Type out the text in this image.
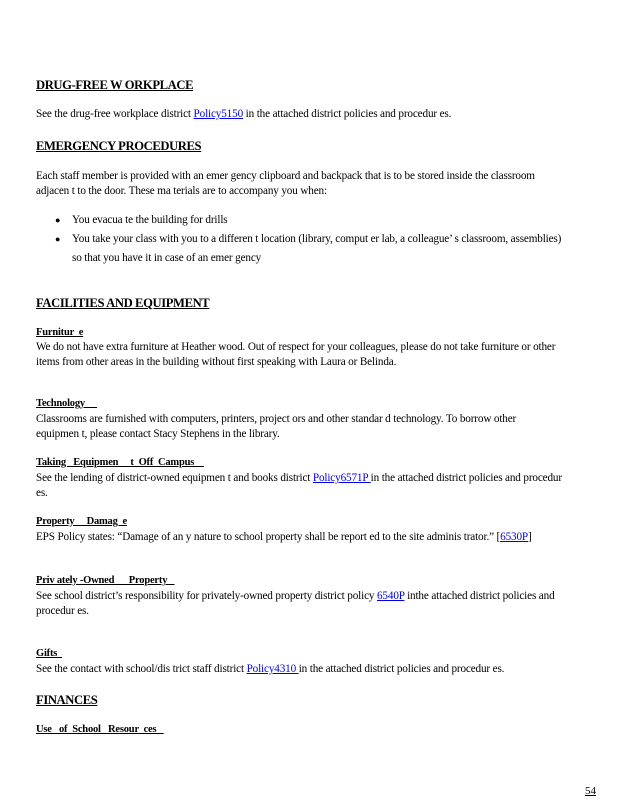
DRUG-FREE W ORKPLACE

See the drug-free workplace district Policy5150 in the attached district policies and procedur es.

EMERGENCY PROCEDURES

Each staff member is provided with an emer gency clipboard and backpack that is to be stored inside the classroom adjacen t to the door. These ma terials are to accompany you when:

● You evacua te the building for drills
● You take your class with you to a differen t location (library, comput er lab, a colleague’ s classroom, assemblies) so that you have it in case of an emer gency
FACILITIES AND EQUIPMENT
Furnitur  e

We do not have extra furniture at Heather wood. Out of respect for your colleagues, please do not take furniture or other items from other areas in the building without first speaking with Laura or Belinda.

Technology

Classrooms are furnished with computers, printers, project ors and other standar d technology. To borrow other equipmen t, please contact Stacy Stephens in the library.

Taking   Equipmen     t  Off  Campus

See the lending of district-owned equipmen t and books district Policy6571P in the attached district policies and procedur es.

Property     Damag  e

EPS Policy states: “Damage of an y nature to school property shall be report ed to the site adminis trator.” [6530P]

Priv ately -Owned      Property

See school district’s responsibility for privately-owned property district policy 6540P inthe attached district policies and procedur es.

Gifts

See the contact with school/dis trict staff district Policy4310 in the attached district policies and procedur es.

FINANCES
Use   of  School   Resour  ces
54
